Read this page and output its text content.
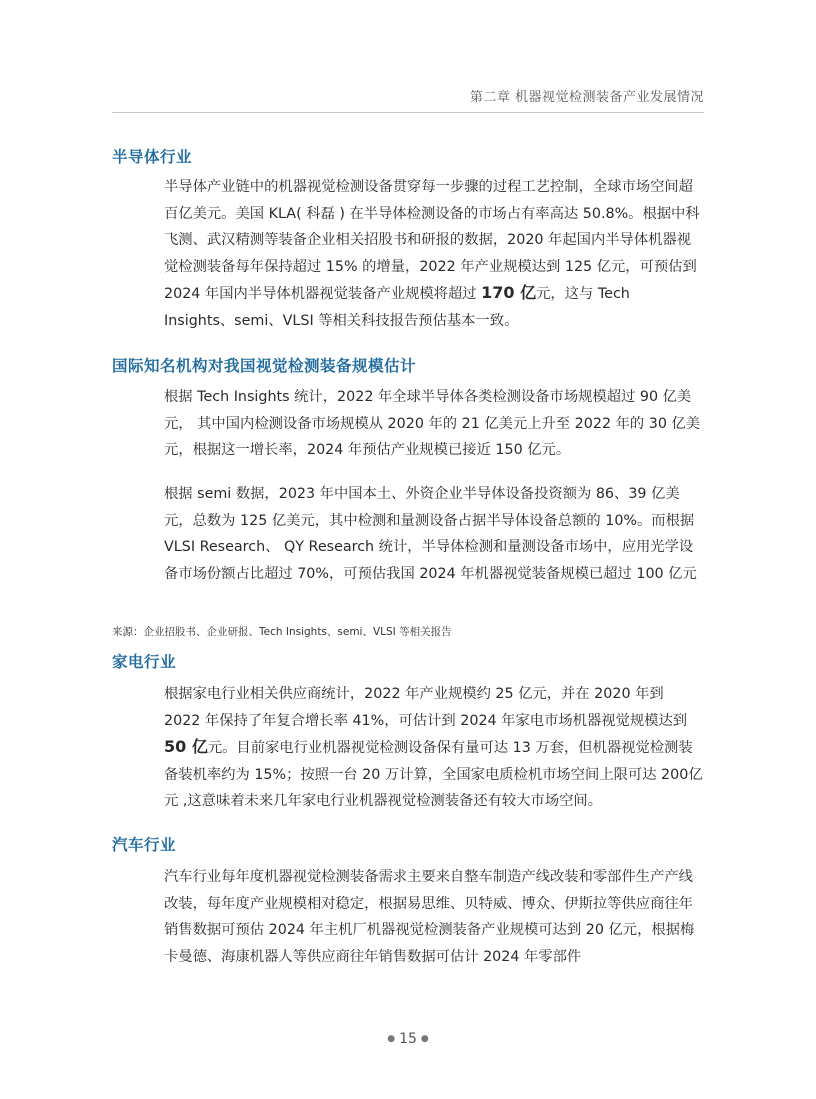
第二章 机器视觉检测装备产业发展情况
半导体行业

半导体产业链中的机器视觉检测设备贯穿每一步骤的过程工艺控制，全球市场空间超百亿美元。美国 KLA( 科磊 ) 在半导体检测设备的市场占有率高达 50.8%。根据中科飞测、武汉精测等装备企业相关招股书和研报的数据，2020 年起国内半导体机器视觉检测装备每年保持超过 15% 的增量，2022 年产业规模达到 125 亿元，可预估到 2024 年国内半导体机器视觉装备产业规模将超过 170 亿元，这与 Tech Insights、semi、VLSI 等相关科技报告预估基本一致。

国际知名机构对我国视觉检测装备规模估计

根据 Tech Insights 统计，2022 年全球半导体各类检测设备市场规模超过 90 亿美元， 其中国内检测设备市场规模从 2020 年的 21 亿美元上升至 2022 年的 30 亿美元，根据这一增长率，2024 年预估产业规模已接近 150 亿元。

根据 semi 数据，2023 年中国本土、外资企业半导体设备投资额为 86、39 亿美元，总数为 125 亿美元，其中检测和量测设备占据半导体设备总额的 10%。而根据 VLSI Research、 QY Research 统计，半导体检测和量测设备市场中，应用光学设备市场份额占比超过 70%，可预估我国 2024 年机器视觉装备规模已超过 100 亿元

来源：企业招股书、企业研报、Tech Insights、semi、VLSI 等相关报告
家电行业

根据家电行业相关供应商统计，2022 年产业规模约 25 亿元，并在 2020 年到 2022 年保持了年复合增长率 41%，可估计到 2024 年家电市场机器视觉规模达到 50 亿元。目前家电行业机器视觉检测设备保有量可达 13 万套，但机器视觉检测装备装机率约为 15%；按照一台 20 万计算，全国家电质检机市场空间上限可达 200亿元 ,这意味着未来几年家电行业机器视觉检测装备还有较大市场空间。

汽车行业

汽车行业每年度机器视觉检测装备需求主要来自整车制造产线改装和零部件生产产线改装，每年度产业规模相对稳定，根据易思维、贝特威、博众、伊斯拉等供应商往年销售数据可预估 2024 年主机厂机器视觉检测装备产业规模可达到 20 亿元，根据梅卡曼德、海康机器人等供应商往年销售数据可估计 2024 年零部件

● 15 ●
